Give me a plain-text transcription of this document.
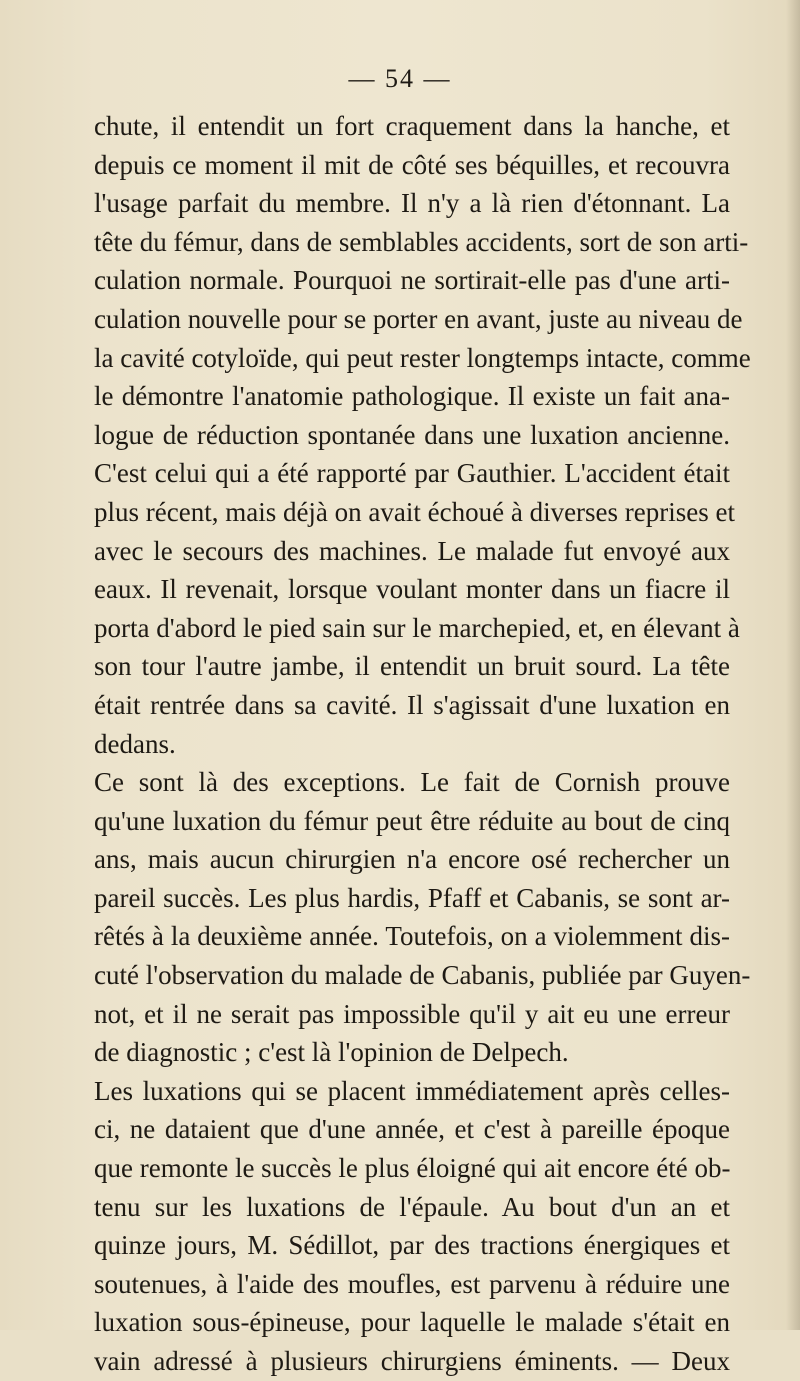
— 54 —
chute, il entendit un fort craquement dans la hanche, et
depuis ce moment il mit de côté ses béquilles, et recouvra
l'usage parfait du membre. Il n'y a là rien d'étonnant. La
tête du fémur, dans de semblables accidents, sort de son arti-
culation normale. Pourquoi ne sortirait-elle pas d'une arti-
culation nouvelle pour se porter en avant, juste au niveau de
la cavité cotyloïde, qui peut rester longtemps intacte, comme
le démontre l'anatomie pathologique. Il existe un fait ana-
logue de réduction spontanée dans une luxation ancienne.
C'est celui qui a été rapporté par Gauthier. L'accident était
plus récent, mais déjà on avait échoué à diverses reprises et
avec le secours des machines. Le malade fut envoyé aux
eaux. Il revenait, lorsque voulant monter dans un fiacre il
porta d'abord le pied sain sur le marchepied, et, en élevant à
son tour l'autre jambe, il entendit un bruit sourd. La tête
était rentrée dans sa cavité. Il s'agissait d'une luxation en
dedans.
Ce sont là des exceptions. Le fait de Cornish prouve
qu'une luxation du fémur peut être réduite au bout de cinq
ans, mais aucun chirurgien n'a encore osé rechercher un
pareil succès. Les plus hardis, Pfaff et Cabanis, se sont ar-
rêtés à la deuxième année. Toutefois, on a violemment dis-
cuté l'observation du malade de Cabanis, publiée par Guyen-
not, et il ne serait pas impossible qu'il y ait eu une erreur
de diagnostic ; c'est là l'opinion de Delpech.
Les luxations qui se placent immédiatement après celles-
ci, ne dataient que d'une année, et c'est à pareille époque
que remonte le succès le plus éloigné qui ait encore été ob-
tenu sur les luxations de l'épaule. Au bout d'un an et
quinze jours, M. Sédillot, par des tractions énergiques et
soutenues, à l'aide des moufles, est parvenu à réduire une
luxation sous-épineuse, pour laquelle le malade s'était en
vain adressé à plusieurs chirurgiens éminents. — Deux
